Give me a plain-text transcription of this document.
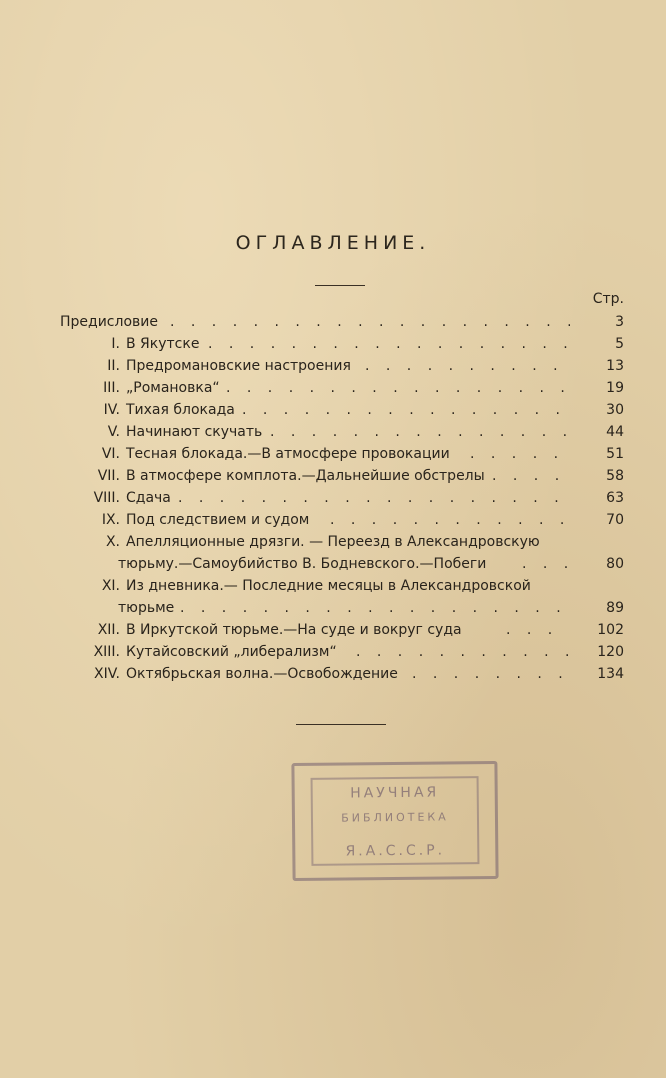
ОГЛАВЛЕНИЕ.
Стр.
Предисловие . . .	3
I. В Якутске . . .	5
II. Предромановские настроения . . .	13
III. „Романовка“ . . .	19
IV. Тихая блокада . . .	30
V. Начинают скучать . . .	44
VI. Тесная блокада.—В атмосфере провокации . . .	51
VII. В атмосфере комплота.—Дальнейшие обстрелы . . .	58
VIII. Сдача . . .	63
IX. Под следствием и судом . . .	70
X. Апелляционные дрязги. — Переезд в Александровскую
тюрьму.—Самоубийство В. Бодневского.—Побеги . . .	80
XI. Из дневника.— Последние месяцы в Александровской
тюрьме . . .	89
XII. В Иркутской тюрьме.—На суде и вокруг суда . . .	102
XIII. Кутайсовский „либерализм“ . . .	120
XIV. Октябрьская волна.—Освобождение . . .	134
НАУЧНАЯ
БИБЛИОТЕКА
Я.А.С.С.Р.
